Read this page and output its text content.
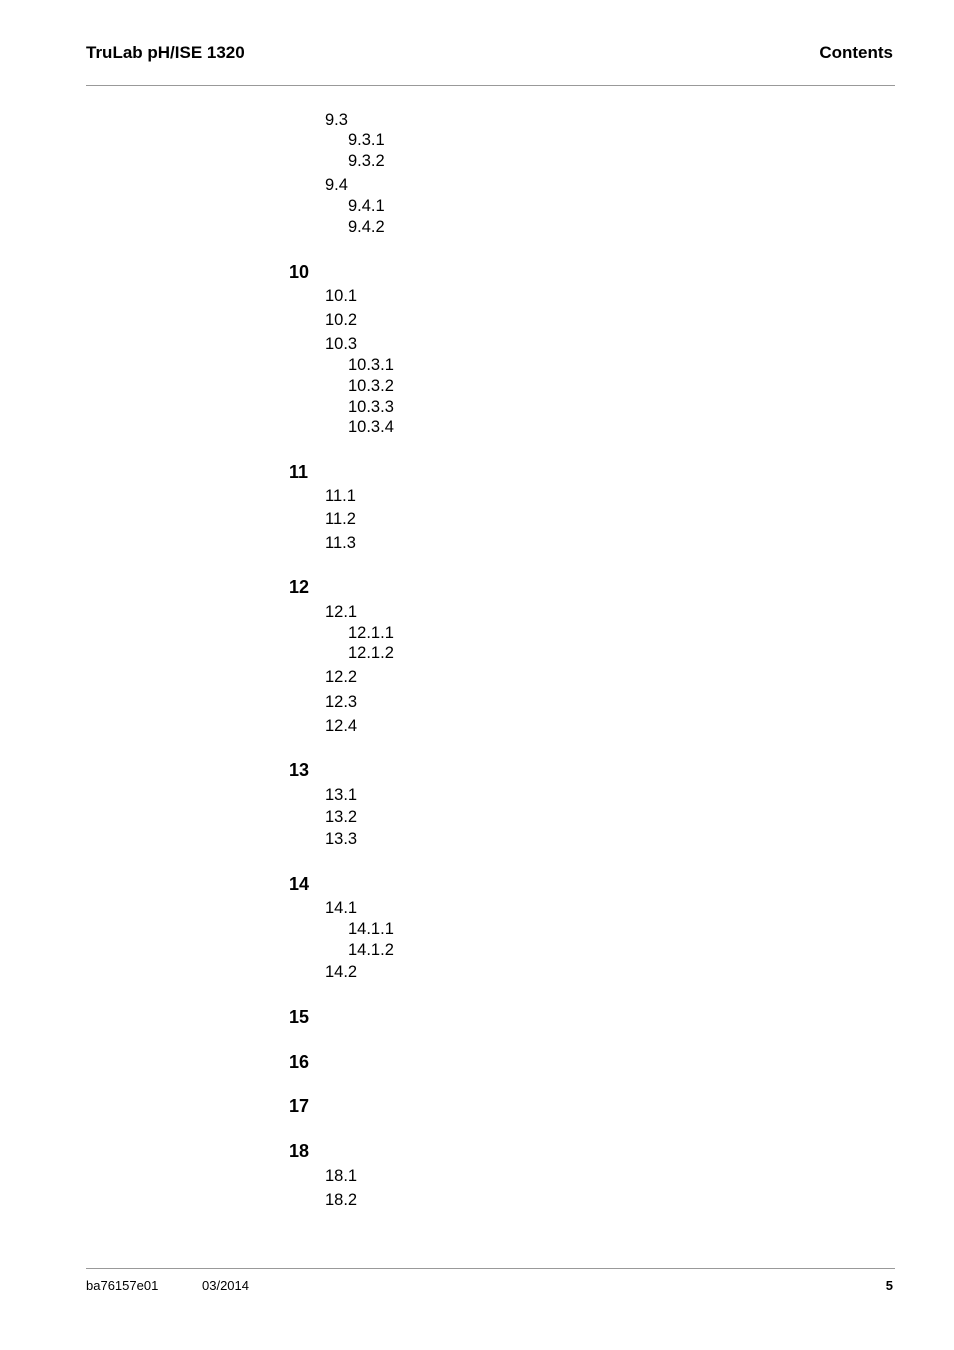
TruLab pH/ISE 1320	Contents
9.3
9.3.1
9.3.2
9.4
9.4.1
9.4.2
10
10.1
10.2
10.3
10.3.1
10.3.2
10.3.3
10.3.4
11
11.1
11.2
11.3
12
12.1
12.1.1
12.1.2
12.2
12.3
12.4
13
13.1
13.2
13.3
14
14.1
14.1.1
14.1.2
14.2
15
16
17
18
18.1
18.2
ba76157e01	03/2014	5
